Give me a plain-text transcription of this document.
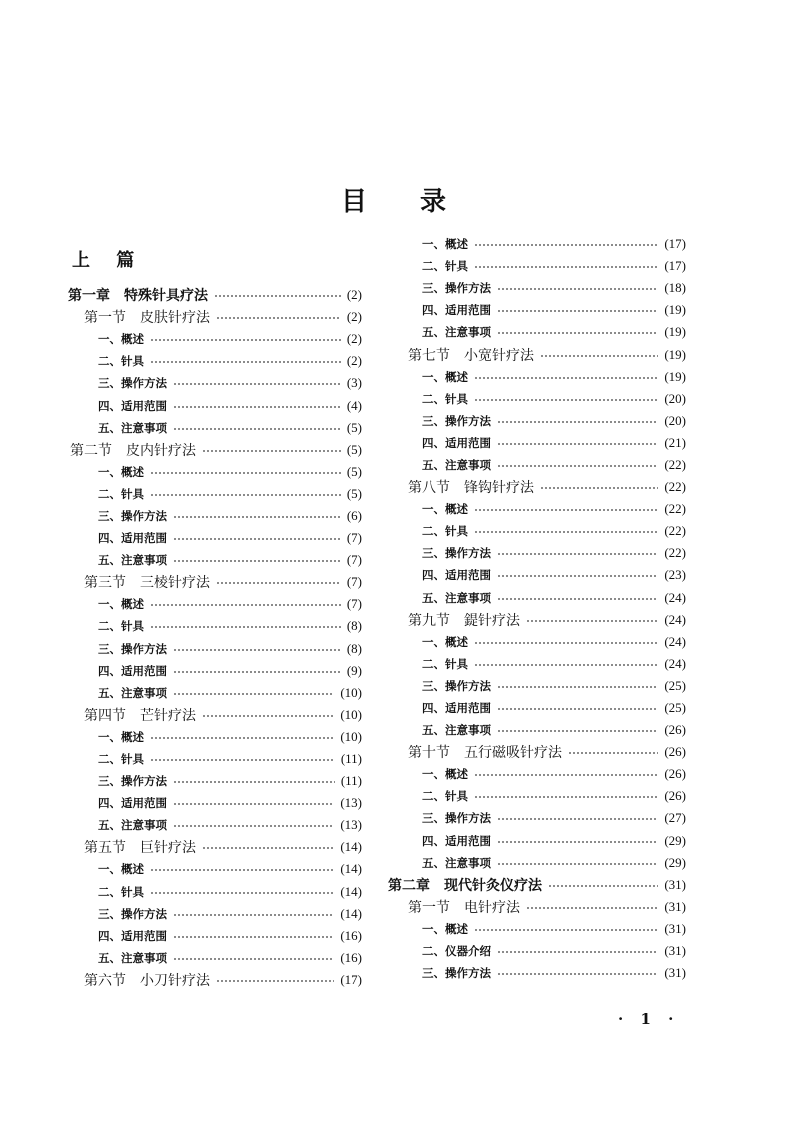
目 录
上 篇
第一章　特殊针具疗法	(2)
第一节　皮肤针疗法	(2)
一、概述	(2)
二、针具	(2)
三、操作方法	(3)
四、适用范围	(4)
五、注意事项	(5)
第二节　皮内针疗法	(5)
一、概述	(5)
二、针具	(5)
三、操作方法	(6)
四、适用范围	(7)
五、注意事项	(7)
第三节　三棱针疗法	(7)
一、概述	(7)
二、针具	(8)
三、操作方法	(8)
四、适用范围	(9)
五、注意事项	(10)
第四节　芒针疗法	(10)
一、概述	(10)
二、针具	(11)
三、操作方法	(11)
四、适用范围	(13)
五、注意事项	(13)
第五节　巨针疗法	(14)
一、概述	(14)
二、针具	(14)
三、操作方法	(14)
四、适用范围	(16)
五、注意事项	(16)
第六节　小刀针疗法	(17)
一、概述	(17)
二、针具	(17)
三、操作方法	(18)
四、适用范围	(19)
五、注意事项	(19)
第七节　小宽针疗法	(19)
一、概述	(19)
二、针具	(20)
三、操作方法	(20)
四、适用范围	(21)
五、注意事项	(22)
第八节　锋钩针疗法	(22)
一、概述	(22)
二、针具	(22)
三、操作方法	(22)
四、适用范围	(23)
五、注意事项	(24)
第九节　鍉针疗法	(24)
一、概述	(24)
二、针具	(24)
三、操作方法	(25)
四、适用范围	(25)
五、注意事项	(26)
第十节　五行磁吸针疗法	(26)
一、概述	(26)
二、针具	(26)
三、操作方法	(27)
四、适用范围	(29)
五、注意事项	(29)
第二章　现代针灸仪疗法	(31)
第一节　电针疗法	(31)
一、概述	(31)
二、仪器介绍	(31)
三、操作方法	(31)
· 1 ·
